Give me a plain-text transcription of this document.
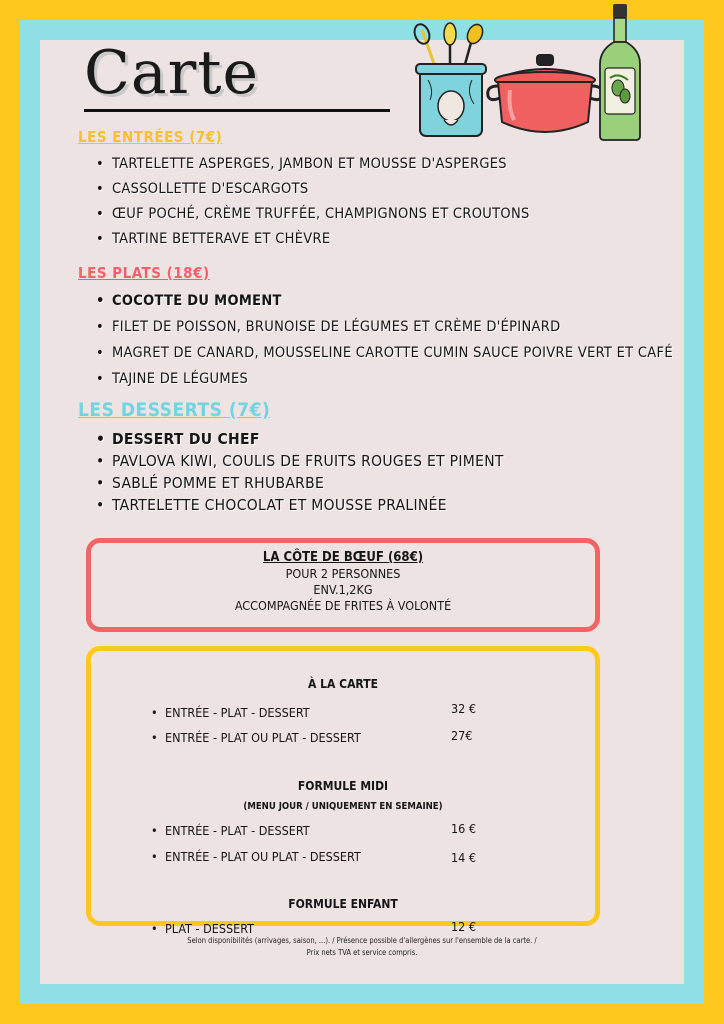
Carte
LES ENTRÉES (7€)
• TARTELETTE ASPERGES, JAMBON ET MOUSSE D'ASPERGES
• CASSOLLETTE D'ESCARGOTS
• ŒUF POCHÉ, CRÈME TRUFFÉE, CHAMPIGNONS ET CROUTONS
• TARTINE BETTERAVE ET CHÈVRE
LES PLATS (18€)
• COCOTTE DU MOMENT
• FILET DE POISSON, BRUNOISE DE LÉGUMES ET CRÈME D'ÉPINARD
• MAGRET DE CANARD, MOUSSELINE CAROTTE CUMIN SAUCE POIVRE VERT ET CAFÉ
• TAJINE DE LÉGUMES
LES DESSERTS (7€)
• DESSERT DU CHEF
• PAVLOVA KIWI, COULIS DE FRUITS ROUGES ET PIMENT
• SABLÉ POMME ET RHUBARBE
• TARTELETTE CHOCOLAT ET MOUSSE PRALINÉE
LA CÔTE DE BŒUF (68€)
POUR 2 PERSONNES
ENV.1,2KG
ACCOMPAGNÉE DE FRITES À VOLONTÉ
À LA CARTE
• ENTRÉE - PLAT - DESSERT	32 €
• ENTRÉE - PLAT OU PLAT - DESSERT	27€
FORMULE MIDI
(MENU JOUR / UNIQUEMENT EN SEMAINE)
• ENTRÉE - PLAT - DESSERT	16 €
• ENTRÉE - PLAT OU PLAT - DESSERT	14 €
FORMULE ENFANT
• PLAT - DESSERT	12 €
Selon disponibilités (arrivages, saison, ...). / Présence possible d'allergènes sur l'ensemble de la carte. /
Prix nets TVA et service compris.
